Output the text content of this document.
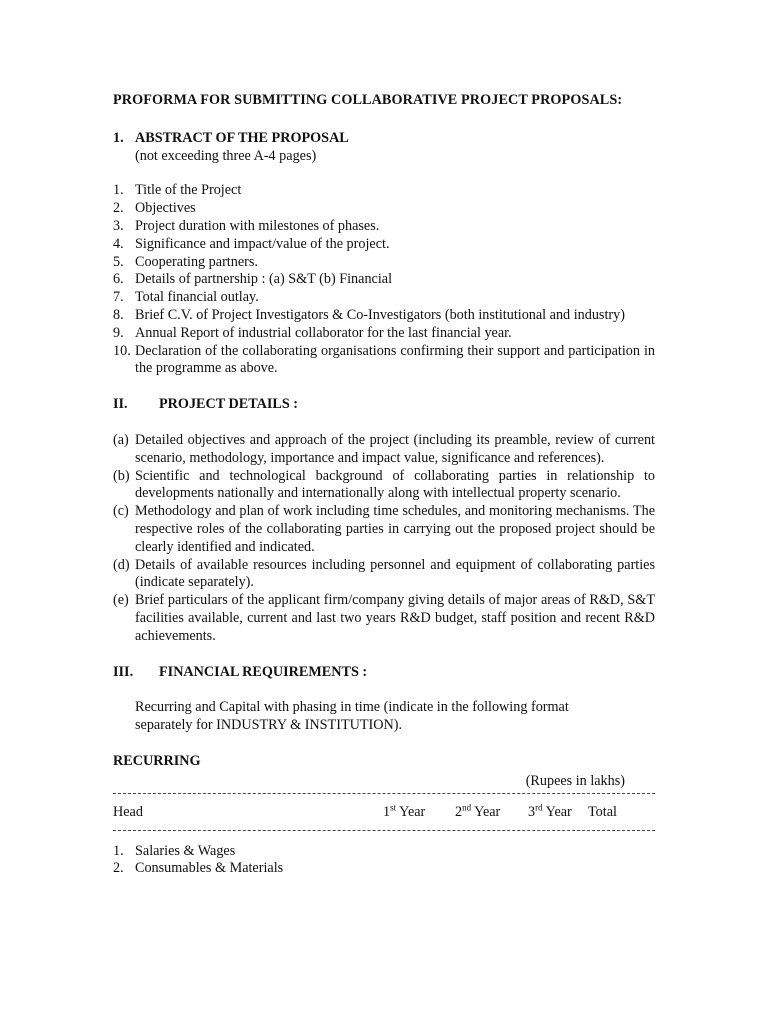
PROFORMA FOR SUBMITTING COLLABORATIVE PROJECT PROPOSALS:

1. ABSTRACT OF THE PROPOSAL
(not exceeding three A-4 pages)
1. Title of the Project
2. Objectives
3. Project duration with milestones of phases.
4. Significance and impact/value of the project.
5. Cooperating partners.
6. Details of partnership : (a) S&T (b) Financial
7. Total financial outlay.
8. Brief C.V. of Project Investigators & Co-Investigators (both institutional and industry)
9. Annual Report of industrial collaborator for the last financial year.
10. Declaration of the collaborating organisations confirming their support and participation in the programme as above.
II.	PROJECT DETAILS :
(a) Detailed objectives and approach of the project (including its preamble, review of current scenario, methodology, importance and impact value, significance and references).
(b) Scientific and technological background of collaborating parties in relationship to developments nationally and internationally along with intellectual property scenario.
(c) Methodology and plan of work including time schedules, and monitoring mechanisms. The respective roles of the collaborating parties in carrying out the proposed project should be clearly identified and indicated.
(d) Details of available resources including personnel and equipment of collaborating parties (indicate separately).
(e) Brief particulars of the applicant firm/company giving details of major areas of R&D, S&T facilities available, current and last two years R&D budget, staff position and recent R&D achievements.
III.	FINANCIAL REQUIREMENTS :
Recurring and Capital with phasing in time (indicate in the following format separately for INDUSTRY & INSTITUTION).
RECURRING
(Rupees in lakhs)
Head	1st Year	2nd Year	3rd Year	Total
1. Salaries & Wages
2. Consumables & Materials
